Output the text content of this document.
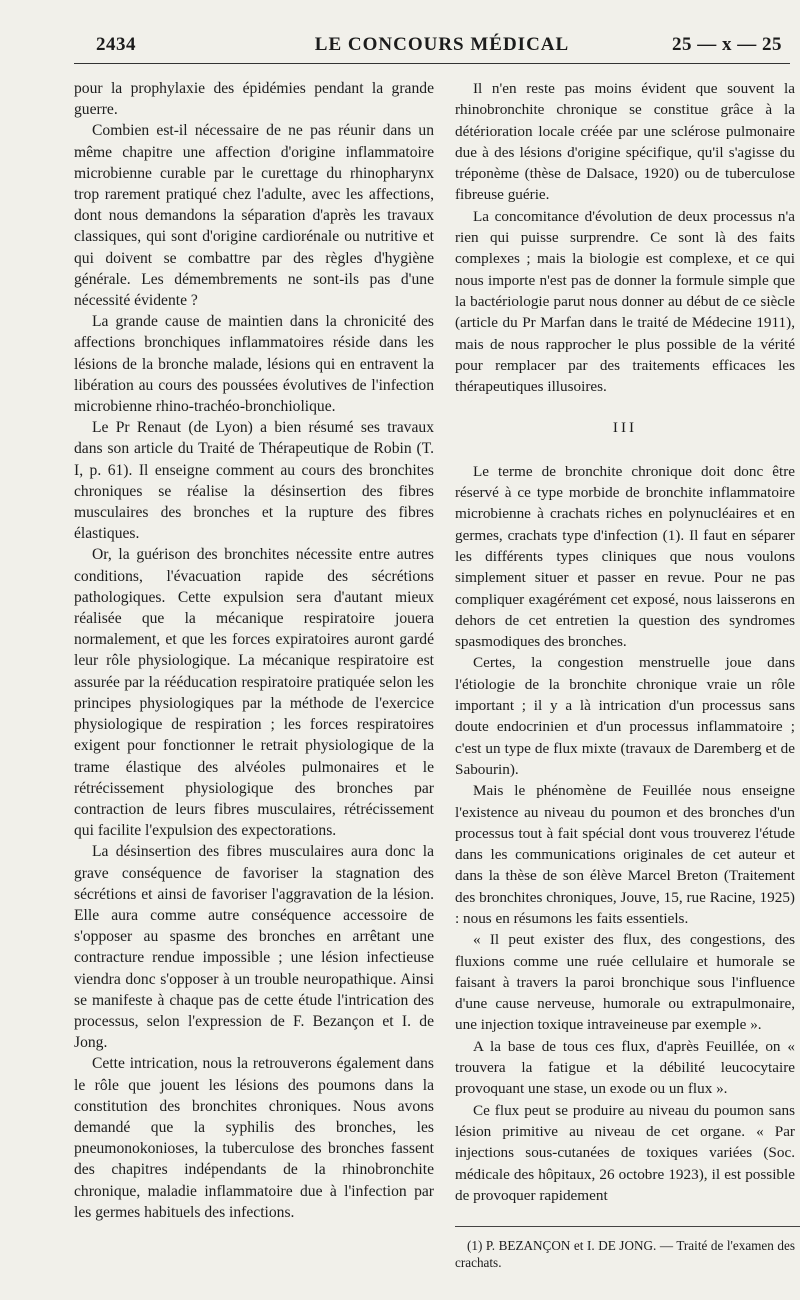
2434	LE CONCOURS MÉDICAL	25 — x — 25

pour la prophylaxie des épidémies pendant la grande guerre.

Combien est-il nécessaire de ne pas réunir dans un même chapitre une affection d'origine inflammatoire microbienne curable par le curettage du rhinopharynx trop rarement pratiqué chez l'adulte, avec les affections, dont nous demandons la séparation d'après les travaux classiques, qui sont d'origine cardiorénale ou nutritive et qui doivent se combattre par des règles d'hygiène générale. Les démembrements ne sont-ils pas d'une nécessité évidente ?

La grande cause de maintien dans la chronicité des affections bronchiques inflammatoires réside dans les lésions de la bronche malade, lésions qui en entravent la libération au cours des poussées évolutives de l'infection microbienne rhino-trachéo-bronchiolique.

Le Pr Renaut (de Lyon) a bien résumé ses travaux dans son article du Traité de Thérapeutique de Robin (T. I, p. 61). Il enseigne comment au cours des bronchites chroniques se réalise la désinsertion des fibres musculaires des bronches et la rupture des fibres élastiques.

Or, la guérison des bronchites nécessite entre autres conditions, l'évacuation rapide des sécrétions pathologiques. Cette expulsion sera d'autant mieux réalisée que la mécanique respiratoire jouera normalement, et que les forces expiratoires auront gardé leur rôle physiologique. La mécanique respiratoire est assurée par la rééducation respiratoire pratiquée selon les principes physiologiques par la méthode de l'exercice physiologique de respiration ; les forces respiratoires exigent pour fonctionner le retrait physiologique de la trame élastique des alvéoles pulmonaires et le rétrécissement physiologique des bronches par contraction de leurs fibres musculaires, rétrécissement qui facilite l'expulsion des expectorations.

La désinsertion des fibres musculaires aura donc la grave conséquence de favoriser la stagnation des sécrétions et ainsi de favoriser l'aggravation de la lésion. Elle aura comme autre conséquence accessoire de s'opposer au spasme des bronches en arrêtant une contracture rendue impossible ; une lésion infectieuse viendra donc s'opposer à un trouble neuropathique. Ainsi se manifeste à chaque pas de cette étude l'intrication des processus, selon l'expression de F. Bezançon et I. de Jong.

Cette intrication, nous la retrouverons également dans le rôle que jouent les lésions des poumons dans la constitution des bronchites chroniques. Nous avons demandé que la syphilis des bronches, les pneumonokonioses, la tuberculose des bronches fassent des chapitres indépendants de la rhinobronchite chronique, maladie inflammatoire due à l'infection par les germes habituels des infections.

Il n'en reste pas moins évident que souvent la rhinobronchite chronique se constitue grâce à la détérioration locale créée par une sclérose pulmonaire due à des lésions d'origine spécifique, qu'il s'agisse du tréponème (thèse de Dalsace, 1920) ou de tuberculose fibreuse guérie.

La concomitance d'évolution de deux processus n'a rien qui puisse surprendre. Ce sont là des faits complexes ; mais la biologie est complexe, et ce qui nous importe n'est pas de donner la formule simple que la bactériologie parut nous donner au début de ce siècle (article du Pr Marfan dans le traité de Médecine 1911), mais de nous rapprocher le plus possible de la vérité pour remplacer par des traitements efficaces les thérapeutiques illusoires.

III

Le terme de bronchite chronique doit donc être réservé à ce type morbide de bronchite inflammatoire microbienne à crachats riches en polynucléaires et en germes, crachats type d'infection (1). Il faut en séparer les différents types cliniques que nous voulons simplement situer et passer en revue. Pour ne pas compliquer exagérément cet exposé, nous laisserons en dehors de cet entretien la question des syndromes spasmodiques des bronches.

Certes, la congestion menstruelle joue dans l'étiologie de la bronchite chronique vraie un rôle important ; il y a là intrication d'un processus sans doute endocrinien et d'un processus inflammatoire ; c'est un type de flux mixte (travaux de Daremberg et de Sabourin).

Mais le phénomène de Feuillée nous enseigne l'existence au niveau du poumon et des bronches d'un processus tout à fait spécial dont vous trouverez l'étude dans les communications originales de cet auteur et dans la thèse de son élève Marcel Breton (Traitement des bronchites chroniques, Jouve, 15, rue Racine, 1925) : nous en résumons les faits essentiels.

« Il peut exister des flux, des congestions, des fluxions comme une ruée cellulaire et humorale se faisant à travers la paroi bronchique sous l'influence d'une cause nerveuse, humorale ou extrapulmonaire, une injection toxique intraveineuse par exemple ».

A la base de tous ces flux, d'après Feuillée, on « trouvera la fatigue et la débilité leucocytaire provoquant une stase, un exode ou un flux ».

Ce flux peut se produire au niveau du poumon sans lésion primitive au niveau de cet organe. « Par injections sous-cutanées de toxiques variées (Soc. médicale des hôpitaux, 26 octobre 1923), il est possible de provoquer rapidement

(1) P. BEZANÇON et I. DE JONG. — Traité de l'examen des crachats.
